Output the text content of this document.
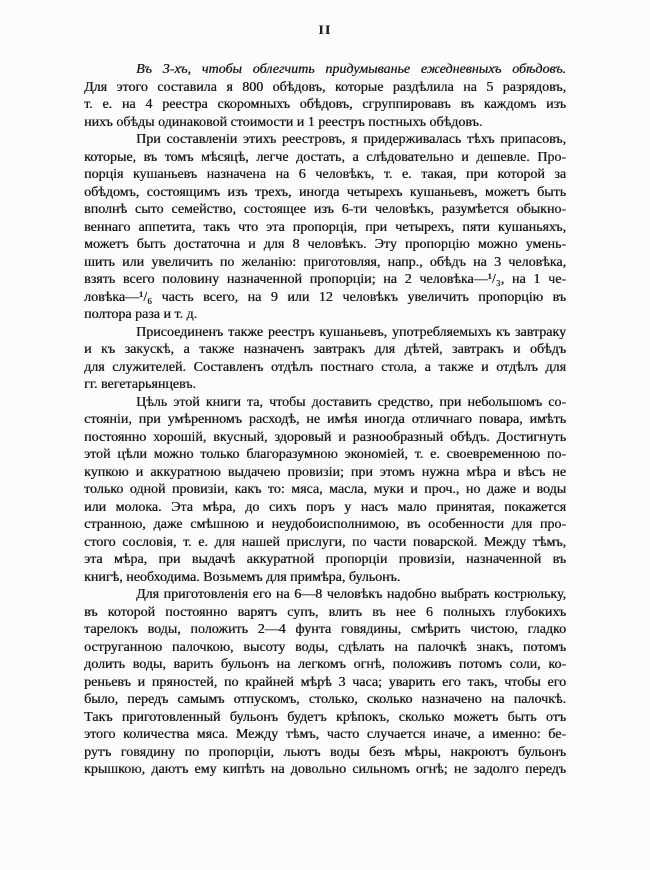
II
Въ 3-хъ, чтобы облегчить придумыванье ежедневныхъ обѣдовъ.
Для этого составила я 800 обѣдовъ, которые раздѣлила на 5 разрядовъ,
т. е. на 4 реестра скоромныхъ обѣдовъ, сгруппировавъ въ каждомъ изъ
нихъ обѣды одинаковой стоимости и 1 реестръ постныхъ обѣдовъ.
При составленіи этихъ реестровъ, я придерживалась тѣхъ припасовъ,
которые, въ томъ мѣсяцѣ, легче достать, а слѣдовательно и дешевле. Про-
порція кушаньевъ назначена на 6 человѣкъ, т. е. такая, при которой за
обѣдомъ, состоящимъ изъ трехъ, иногда четырехъ кушаньевъ, можетъ быть
вполнѣ сыто семейство, состоящее изъ 6-ти человѣкъ, разумѣется обыкно-
веннаго аппетита, такъ что эта пропорція, при четырехъ, пяти кушаньяхъ,
можетъ быть достаточна и для 8 человѣкъ. Эту пропорцію можно умень-
шить или увеличить по желанію: приготовляя, напр., обѣдъ на 3 человѣка,
взять всего половину назначенной пропорціи; на 2 человѣка—¹/₃, на 1 че-
ловѣка—¹/₆ часть всего, на 9 или 12 человѣкъ увеличить пропорцію въ
полтора раза и т. д.
Присоединенъ также реестръ кушаньевъ, употребляемыхъ къ завтраку
и къ закускѣ, а также назначенъ завтракъ для дѣтей, завтракъ и обѣдъ
для служителей. Составленъ отдѣлъ постнаго стола, а также и отдѣлъ для
гг. вегетарьянцевъ.
Цѣль этой книги та, чтобы доставить средство, при небольшомъ со-
стояніи, при умѣренномъ расходѣ, не имѣя иногда отличнаго повара, имѣть
постоянно хорошій, вкусный, здоровый и разнообразный обѣдъ. Достигнуть
этой цѣли можно только благоразумною экономіей, т. е. своевременною по-
купкою и аккуратною выдачею провизіи; при этомъ нужна мѣра и вѣсъ не
только одной провизіи, какъ то: мяса, масла, муки и проч., но даже и воды
или молока. Эта мѣра, до сихъ поръ у насъ мало принятая, покажется
странною, даже смѣшною и неудобоисполнимою, въ особенности для про-
стого сословія, т. е. для нашей прислуги, по части поварской. Между тѣмъ,
эта мѣра, при выдачѣ аккуратной пропорціи провизіи, назначенной въ
книгѣ, необходима. Возьмемъ для примѣра, бульонъ.
Для приготовленія его на 6—8 человѣкъ надобно выбрать кострюльку,
въ которой постоянно варятъ супъ, влить въ нее 6 полныхъ глубокихъ
тарелокъ воды, положить 2—4 фунта говядины, смѣрить чистою, гладко
оструганною палочкою, высоту воды, сдѣлать на палочкѣ знакъ, потомъ
долить воды, варить бульонъ на легкомъ огнѣ, положивъ потомъ соли, ко-
реньевъ и пряностей, по крайней мѣрѣ 3 часа; уварить его такъ, чтобы его
было, передъ самымъ отпускомъ, столько, сколько назначено на палочкѣ.
Такъ приготовленный бульонъ будетъ крѣпокъ, сколько можетъ быть отъ
этого количества мяса. Между тѣмъ, часто случается иначе, а именно: бе-
рутъ говядину по пропорціи, льютъ воды безъ мѣры, накроютъ бульонъ
крышкою, даютъ ему кипѣть на довольно сильномъ огнѣ; не задолго передъ
